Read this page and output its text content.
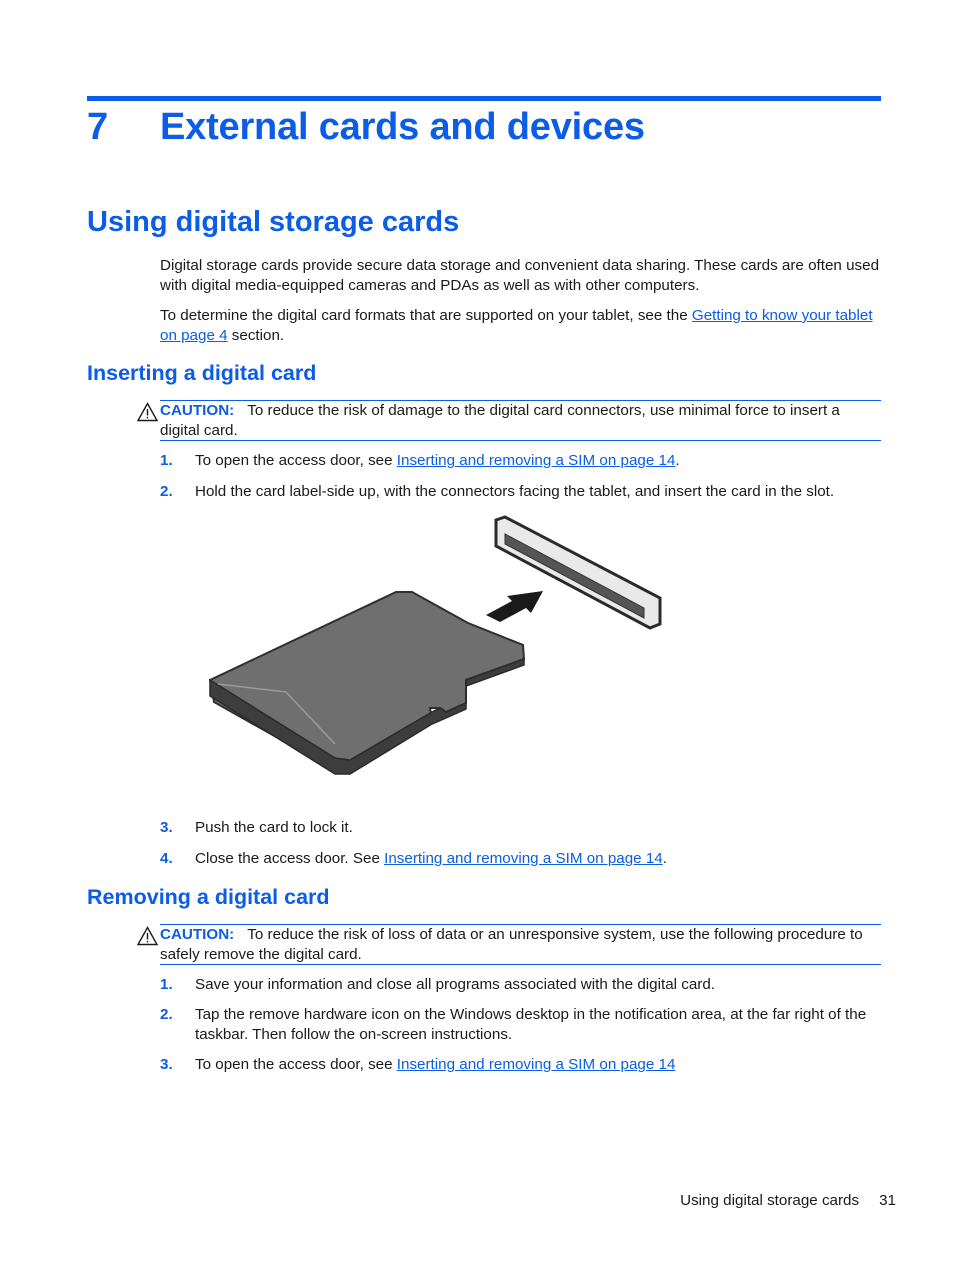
7 External cards and devices
Using digital storage cards

Digital storage cards provide secure data storage and convenient data sharing. These cards are often used with digital media-equipped cameras and PDAs as well as with other computers.

To determine the digital card formats that are supported on your tablet, see the Getting to know your tablet on page 4 section.

Inserting a digital card

CAUTION: To reduce the risk of damage to the digital card connectors, use minimal force to insert a digital card.

1. To open the access door, see Inserting and removing a SIM on page 14.
2. Hold the card label-side up, with the connectors facing the tablet, and insert the card in the slot.
3. Push the card to lock it.
4. Close the access door. See Inserting and removing a SIM on page 14.
Removing a digital card

CAUTION: To reduce the risk of loss of data or an unresponsive system, use the following procedure to safely remove the digital card.

1. Save your information and close all programs associated with the digital card.
2. Tap the remove hardware icon on the Windows desktop in the notification area, at the far right of the taskbar. Then follow the on-screen instructions.
3. To open the access door, see Inserting and removing a SIM on page 14
Using digital storage cards 31
